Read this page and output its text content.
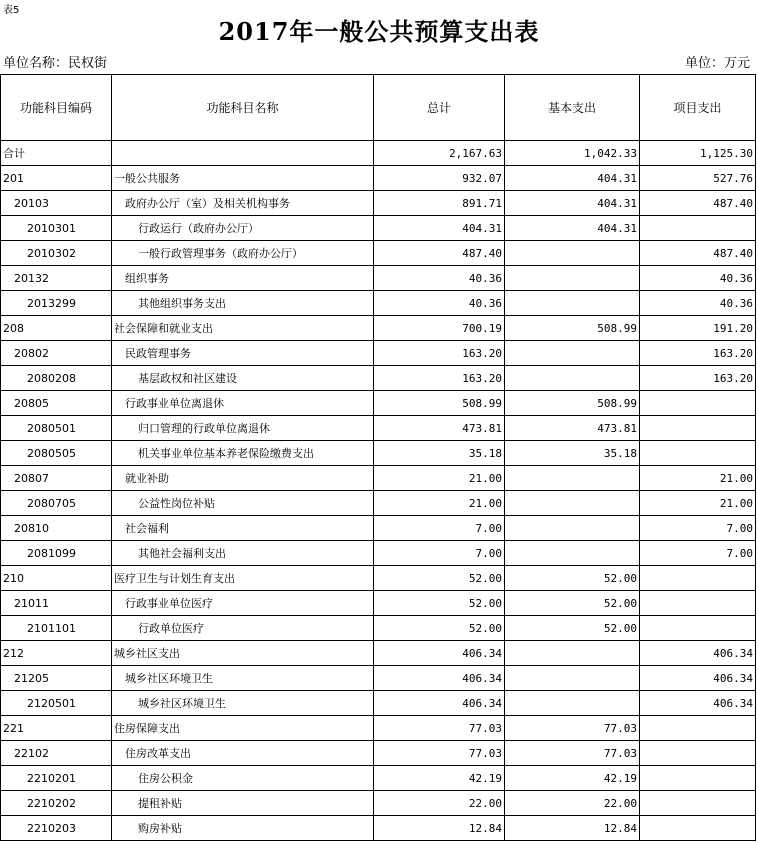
表5
2017年一般公共预算支出表
单位名称：民权街	单位：万元
功能科目编码	功能科目名称	总计	基本支出	项目支出
合计		2,167.63	1,042.33	1,125.30
201	一般公共服务	932.07	404.31	527.76
20103	政府办公厅（室）及相关机构事务	891.71	404.31	487.40
2010301	行政运行（政府办公厅）	404.31	404.31	
2010302	一般行政管理事务（政府办公厅）	487.40		487.40
20132	组织事务	40.36		40.36
2013299	其他组织事务支出	40.36		40.36
208	社会保障和就业支出	700.19	508.99	191.20
20802	民政管理事务	163.20		163.20
2080208	基层政权和社区建设	163.20		163.20
20805	行政事业单位离退休	508.99	508.99	
2080501	归口管理的行政单位离退休	473.81	473.81	
2080505	机关事业单位基本养老保险缴费支出	35.18	35.18	
20807	就业补助	21.00		21.00
2080705	公益性岗位补贴	21.00		21.00
20810	社会福利	7.00		7.00
2081099	其他社会福利支出	7.00		7.00
210	医疗卫生与计划生育支出	52.00	52.00	
21011	行政事业单位医疗	52.00	52.00	
2101101	行政单位医疗	52.00	52.00	
212	城乡社区支出	406.34		406.34
21205	城乡社区环境卫生	406.34		406.34
2120501	城乡社区环境卫生	406.34		406.34
221	住房保障支出	77.03	77.03	
22102	住房改革支出	77.03	77.03	
2210201	住房公积金	42.19	42.19	
2210202	提租补贴	22.00	22.00	
2210203	购房补贴	12.84	12.84	
